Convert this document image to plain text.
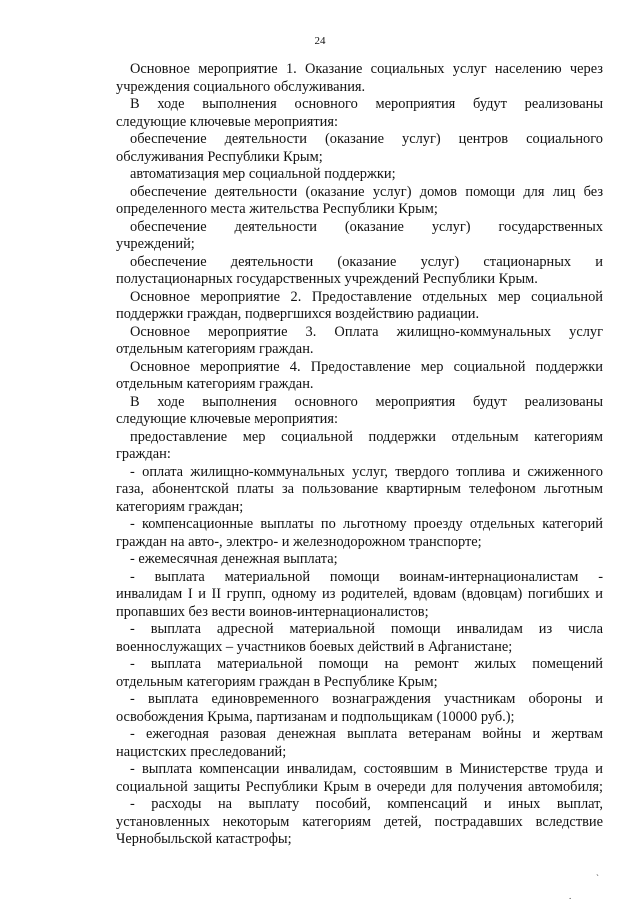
24
Основное мероприятие 1. Оказание социальных услуг населению через
учреждения социального обслуживания.
В ходе выполнения основного мероприятия будут реализованы
следующие ключевые мероприятия:
обеспечение деятельности (оказание услуг) центров социального
обслуживания Республики Крым;
автоматизация мер социальной поддержки;
обеспечение деятельности (оказание услуг) домов помощи для лиц без
определенного места жительства Республики Крым;
обеспечение деятельности (оказание услуг) государственных
учреждений;
обеспечение деятельности (оказание услуг) стационарных и
полустационарных государственных учреждений Республики Крым.
Основное мероприятие 2. Предоставление отдельных мер социальной
поддержки граждан, подвергшихся воздействию радиации.
Основное мероприятие 3. Оплата жилищно-коммунальных услуг
отдельным категориям граждан.
Основное мероприятие 4. Предоставление мер социальной поддержки
отдельным категориям граждан.
В ходе выполнения основного мероприятия будут реализованы
следующие ключевые мероприятия:
предоставление мер социальной поддержки отдельным категориям
граждан:
- оплата жилищно-коммунальных услуг, твердого топлива и сжиженного
газа, абонентской платы за пользование квартирным телефоном льготным
категориям граждан;
- компенсационные выплаты по льготному проезду отдельных категорий
граждан на авто-, электро- и железнодорожном транспорте;
- ежемесячная денежная выплата;
- выплата материальной помощи воинам-интернационалистам -
инвалидам I и II групп, одному из родителей, вдовам (вдовцам) погибших и
пропавших без вести воинов-интернационалистов;
- выплата адресной материальной помощи инвалидам из числа
военнослужащих – участников боевых действий в Афганистане;
- выплата материальной помощи на ремонт жилых помещений
отдельным категориям граждан в Республике Крым;
- выплата единовременного вознаграждения участникам обороны и
освобождения Крыма, партизанам и подпольщикам (10000 руб.);
- ежегодная разовая денежная выплата ветеранам войны и жертвам
нацистских преследований;
- выплата компенсации инвалидам, состоявшим в Министерстве труда и
социальной защиты Республики Крым в очереди для получения автомобиля;
- расходы на выплату пособий, компенсаций и иных выплат,
установленных некоторым категориям детей, пострадавших вследствие
Чернобыльской катастрофы;
`
.
